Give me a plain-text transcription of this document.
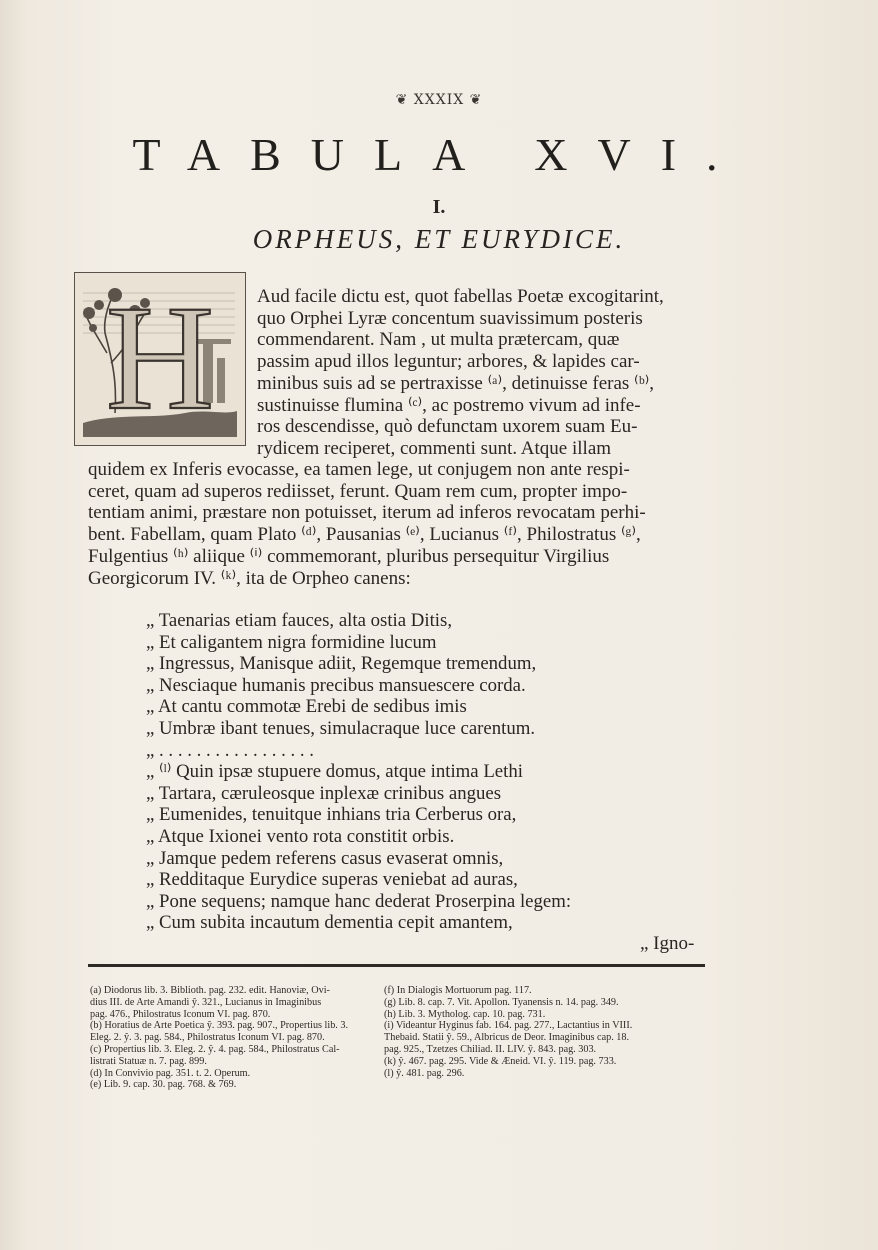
❦ XXXIX ❦
TABULA XVI.
I.
ORPHEUS, ET EURYDICE.
H Aud facile dictu est, quot fabellas Poetæ excogitarint,
quo Orphei Lyræ concentum suavissimum posteris
commendarent. Nam , ut multa prætercam, quæ
passim apud illos leguntur; arbores, & lapides car-
minibus suis ad se pertraxisse ⁽ᵃ⁾, detinuisse feras ⁽ᵇ⁾,
sustinuisse flumina ⁽ᶜ⁾, ac postremo vivum ad infe-
ros descendisse, quò defunctam uxorem suam Eu-
rydicem reciperet, commenti sunt. Atque illam
quidem ex Inferis evocasse, ea tamen lege, ut conjugem non ante respi-
ceret, quam ad superos rediisset, ferunt. Quam rem cum, propter impo-
tentiam animi, præstare non potuisset, iterum ad inferos revocatam perhi-
bent. Fabellam, quam Plato ⁽ᵈ⁾, Pausanias ⁽ᵉ⁾, Lucianus ⁽ᶠ⁾, Philostratus ⁽ᵍ⁾,
Fulgentius ⁽ʰ⁾ aliique ⁽ⁱ⁾ commemorant, pluribus persequitur Virgilius
Georgicorum IV. ⁽ᵏ⁾, ita de Orpheo canens:
„ Taenarias etiam fauces, alta ostia Ditis,
„ Et caligantem nigra formidine lucum
„ Ingressus, Manisque adiit, Regemque tremendum,
„ Nesciaque humanis precibus mansuescere corda.
„ At cantu commotæ Erebi de sedibus imis
„ Umbræ ibant tenues, simulacraque luce carentum.
„ . . . . . . . . . . . . . . . . .
„ ⁽ˡ⁾ Quin ipsæ stupuere domus, atque intima Lethi
„ Tartara, cæruleosque inplexæ crinibus angues
„ Eumenides, tenuitque inhians tria Cerberus ora,
„ Atque Ixionei vento rota constitit orbis.
„ Jamque pedem referens casus evaserat omnis,
„ Redditaque Eurydice superas veniebat ad auras,
„ Pone sequens; namque hanc dederat Proserpina legem:
„ Cum subita incautum dementia cepit amantem,
„ Igno-
(a) Diodorus lib. 3. Biblioth. pag. 232. edit. Hanoviæ, Ovi-
dius III. de Arte Amandi ŷ. 321., Lucianus in Imaginibus
pag. 476., Philostratus Iconum VI. pag. 870.
(b) Horatius de Arte Poetica ŷ. 393. pag. 907., Propertius lib. 3.
Eleg. 2. ŷ. 3. pag. 584., Philostratus Iconum VI. pag. 870.
(c) Propertius lib. 3. Eleg. 2. ŷ. 4. pag. 584., Philostratus Cal-
listrati Statuæ n. 7. pag. 899.
(d) In Convivio pag. 351. t. 2. Operum.
(e) Lib. 9. cap. 30. pag. 768. & 769.
(f) In Dialogis Mortuorum pag. 117.
(g) Lib. 8. cap. 7. Vit. Apollon. Tyanensis n. 14. pag. 349.
(h) Lib. 3. Mytholog. cap. 10. pag. 731.
(i) Videantur Hyginus fab. 164. pag. 277., Lactantius in VIII.
Thebaid. Statii ŷ. 59., Albricus de Deor. Imaginibus cap. 18.
pag. 925., Tzetzes Chiliad. II. LIV. ŷ. 843. pag. 303.
(k) ŷ. 467. pag. 295. Vide & Æneid. VI. ŷ. 119. pag. 733.
(l) ŷ. 481. pag. 296.
